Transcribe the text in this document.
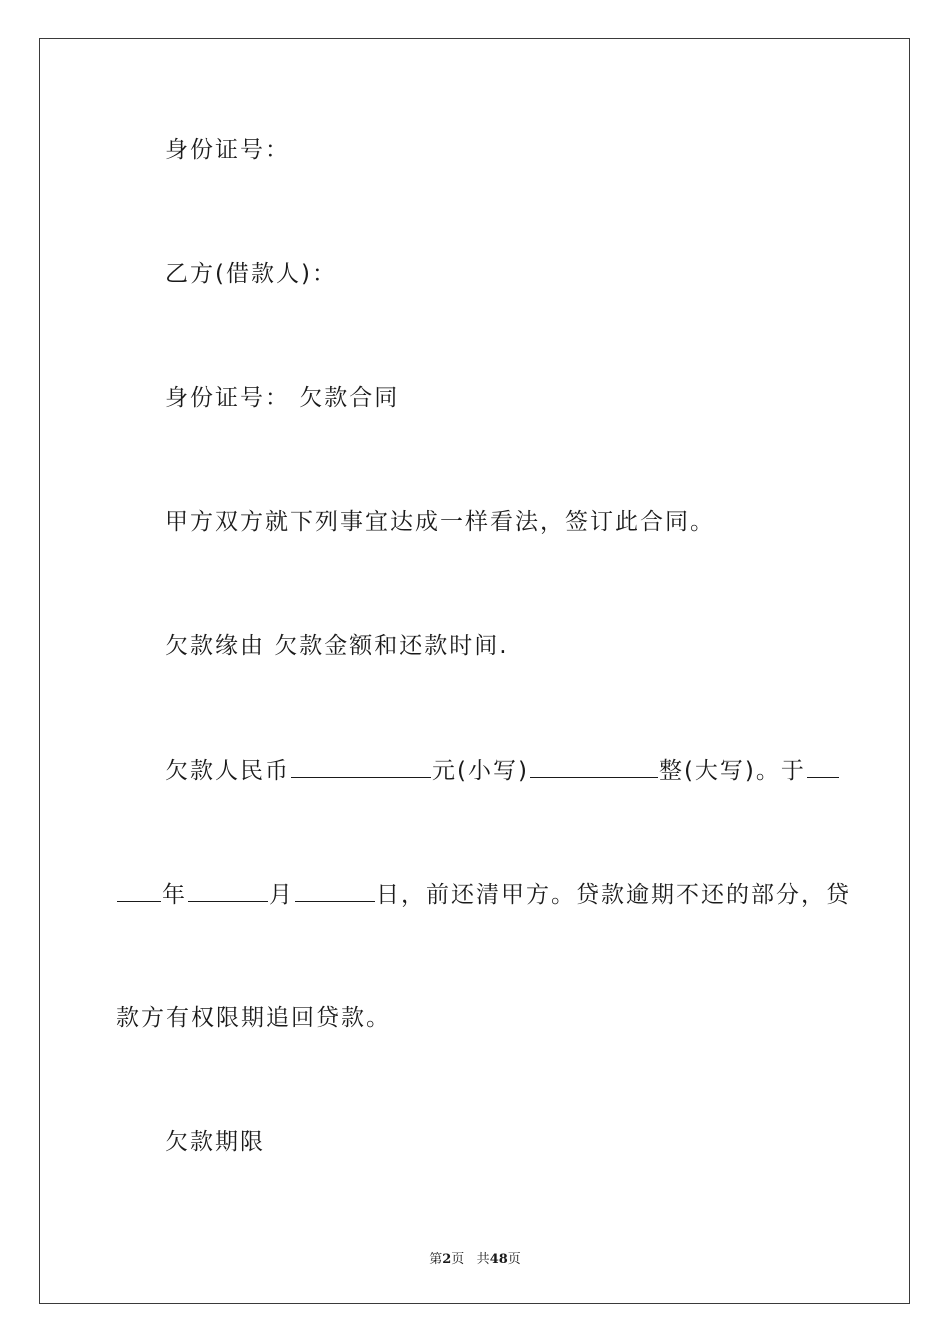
身份证号：
乙方(借款人)：
身份证号： 欠款合同
甲方双方就下列事宜达成一样看法，签订此合同。
欠款缘由 欠款金额和还款时间.
欠款人民币	元(小写)	整(大写)。于
年	月	日，前还清甲方。贷款逾期不还的部分，贷
款方有权限期追回贷款。
欠款期限
第2页 共48页
